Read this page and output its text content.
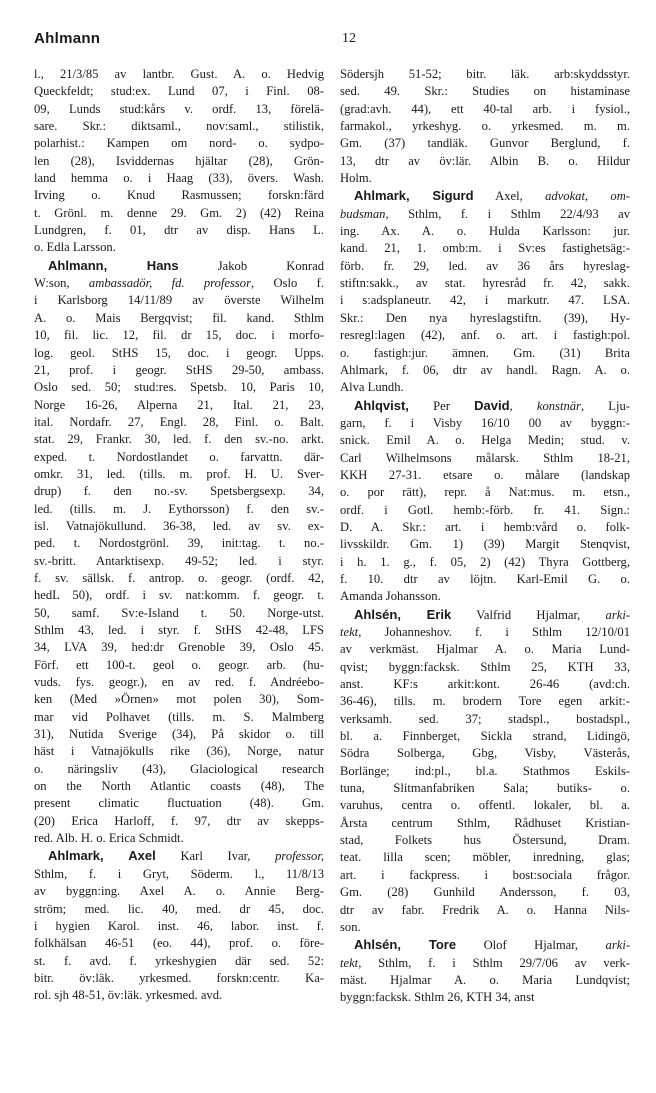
Ahlmann	12
l., 21/3/85 av lantbr. Gust. A. o. Hedvig
Queckfeldt; stud:ex. Lund 07, i Finl. 08-
09, Lunds stud:kårs v. ordf. 13, förelä-
sare. Skr.: diktsaml., nov:saml., stilistik,
polarhist.: Kampen om nord- o. sydpo-
len (28), Isviddernas hjältar (28), Grön-
land hemma o. i Haag (33), övers. Wash.
Irving o. Knud Rasmussen; forskn:färd
t. Grönl. m. denne 29. Gm. 2) (42) Reina
Lundgren, f. 01, dtr av disp. Hans L.
o. Edla Larsson.
Ahlmann, Hans Jakob Konrad
W:son, ambassadör, fd. professor, Oslo f.
i Karlsborg 14/11/89 av överste Wilhelm
A. o. Mais Bergqvist; fil. kand. Sthlm
10, fil. lic. 12, fil. dr 15, doc. i morfo-
log. geol. StHS 15, doc. i geogr. Upps.
21, prof. i geogr. StHS 29-50, ambass.
Oslo sed. 50; stud:res. Spetsb. 10, Paris 10,
Norge 16-26, Alperna 21, Ital. 21, 23,
ital. Nordafr. 27, Engl. 28, Finl. o. Balt.
stat. 29, Frankr. 30, led. f. den sv.-no. arkt.
exped. t. Nordostlandet o. farvattn. där-
omkr. 31, led. (tills. m. prof. H. U. Sver-
drup) f. den no.-sv. Spetsbergsexp. 34,
led. (tills. m. J. Eythorsson) f. den sv.-
isl. Vatnajökullund. 36-38, led. av sv. ex-
ped. t. Nordostgrönl. 39, init:tag. t. no.-
sv.-britt. Antarktisexp. 49-52; led. i styr.
f. sv. sällsk. f. antrop. o. geogr. (ordf. 42,
hedL 50), ordf. i sv. nat:komm. f. geogr. t.
50, samf. Sv:e-Island t. 50. Norge-utst.
Sthlm 43, led. i styr. f. StHS 42-48, LFS
34, LVA 39, hed:dr Grenoble 39, Oslo 45.
Förf. ett 100-t. geol o. geogr. arb. (hu-
vuds. fys. geogr.), en av red. f. Andréebo-
ken (Med »Örnen» mot polen 30), Som-
mar vid Polhavet (tills. m. S. Malmberg
31), Nutida Sverige (34), På skidor o. till
häst i Vatnajökulls rike (36), Norge, natur
o. näringsliv (43), Glaciological research
on the North Atlantic coasts (48), The
present climatic fluctuation (48). Gm.
(20) Erica Harloff, f. 97, dtr av skepps-
red. Alb. H. o. Erica Schmidt.
Ahlmark, Axel Karl Ivar, professor,
Sthlm, f. i Gryt, Söderm. l., 11/8/13
av byggn:ing. Axel A. o. Annie Berg-
ström; med. lic. 40, med. dr 45, doc.
i hygien Karol. inst. 46, labor. inst. f.
folkhälsan 46-51 (eo. 44), prof. o. före-
st. f. avd. f. yrkeshygien där sed. 52:
bitr. öv:läk. yrkesmed. forskn:centr. Ka-
rol. sjh 48-51, öv:läk. yrkesmed. avd.
Södersjh 51-52; bitr. läk. arb:skyddsstyr.
sed. 49. Skr.: Studies on histaminase
(grad:avh. 44), ett 40-tal arb. i fysiol.,
farmakol., yrkeshyg. o. yrkesmed. m. m.
Gm. (37) tandläk. Gunvor Berglund, f.
13, dtr av öv:lär. Albin B. o. Hildur
Holm.
Ahlmark, Sigurd Axel, advokat, om-
budsman, Sthlm, f. i Sthlm 22/4/93 av
ing. Ax. A. o. Hulda Karlsson: jur.
kand. 21, 1. omb:m. i Sv:es fastighetsäg:-
förb. fr. 29, led. av 36 års hyreslag-
stiftn:sakk., av stat. hyresråd fr. 42, sakk.
i s:adsplaneutr. 42, i markutr. 47. LSA.
Skr.: Den nya hyreslagstiftn. (39), Hy-
resregl:lagen (42), anf. o. art. i fastigh:pol.
o. fastigh:jur. ämnen. Gm. (31) Brita
Ahlmark, f. 06, dtr av handl. Ragn. A. o.
Alva Lundh.
Ahlqvist, Per David, konstnär, Lju-
garn, f. i Visby 16/10 00 av byggn:-
snick. Emil A. o. Helga Medin; stud. v.
Carl Wilhelmsons målarsk. Sthlm 18-21,
KKH 27-31. etsare o. målare (landskap
o. por rätt), repr. å Nat:mus. m. etsn.,
ordf. i Gotl. hemb:-förb. fr. 41. Sign.:
D. A. Skr.: art. i hemb:vård o. folk-
livsskildr. Gm. 1) (39) Margit Stenqvist,
i h. 1. g., f. 05, 2) (42) Thyra Gottberg,
f. 10. dtr av löjtn. Karl-Emil G. o.
Amanda Johansson.
Ahlsén, Erik Valfrid Hjalmar, arki-
tekt, Johanneshov. f. i Sthlm 12/10/01
av verkmäst. Hjalmar A. o. Maria Lund-
qvist; byggn:facksk. Sthlm 25, KTH 33,
anst. KF:s arkit:kont. 26-46 (avd:ch.
36-46), tills. m. brodern Tore egen arkit:-
verksamh. sed. 37; stadspl., bostadspl.,
bl. a. Finnberget, Sickla strand, Lidingö,
Södra Solberga, Gbg, Visby, Västerås,
Borlänge; ind:pl., bl.a. Stathmos Eskils-
tuna, Slitmanfabriken Sala; butiks- o.
varuhus, centra o. offentl. lokaler, bl. a.
Årsta centrum Sthlm, Rådhuset Kristian-
stad, Folkets hus Östersund, Dram.
teat. lilla scen; möbler, inredning, glas;
art. i fackpress. i bost:sociala frågor.
Gm. (28) Gunhild Andersson, f. 03,
dtr av fabr. Fredrik A. o. Hanna Nils-
son.
Ahlsén, Tore Olof Hjalmar, arki-
tekt, Sthlm, f. i Sthlm 29/7/06 av verk-
mäst. Hjalmar A. o. Maria Lundqvist;
byggn:facksk. Sthlm 26, KTH 34, anst
